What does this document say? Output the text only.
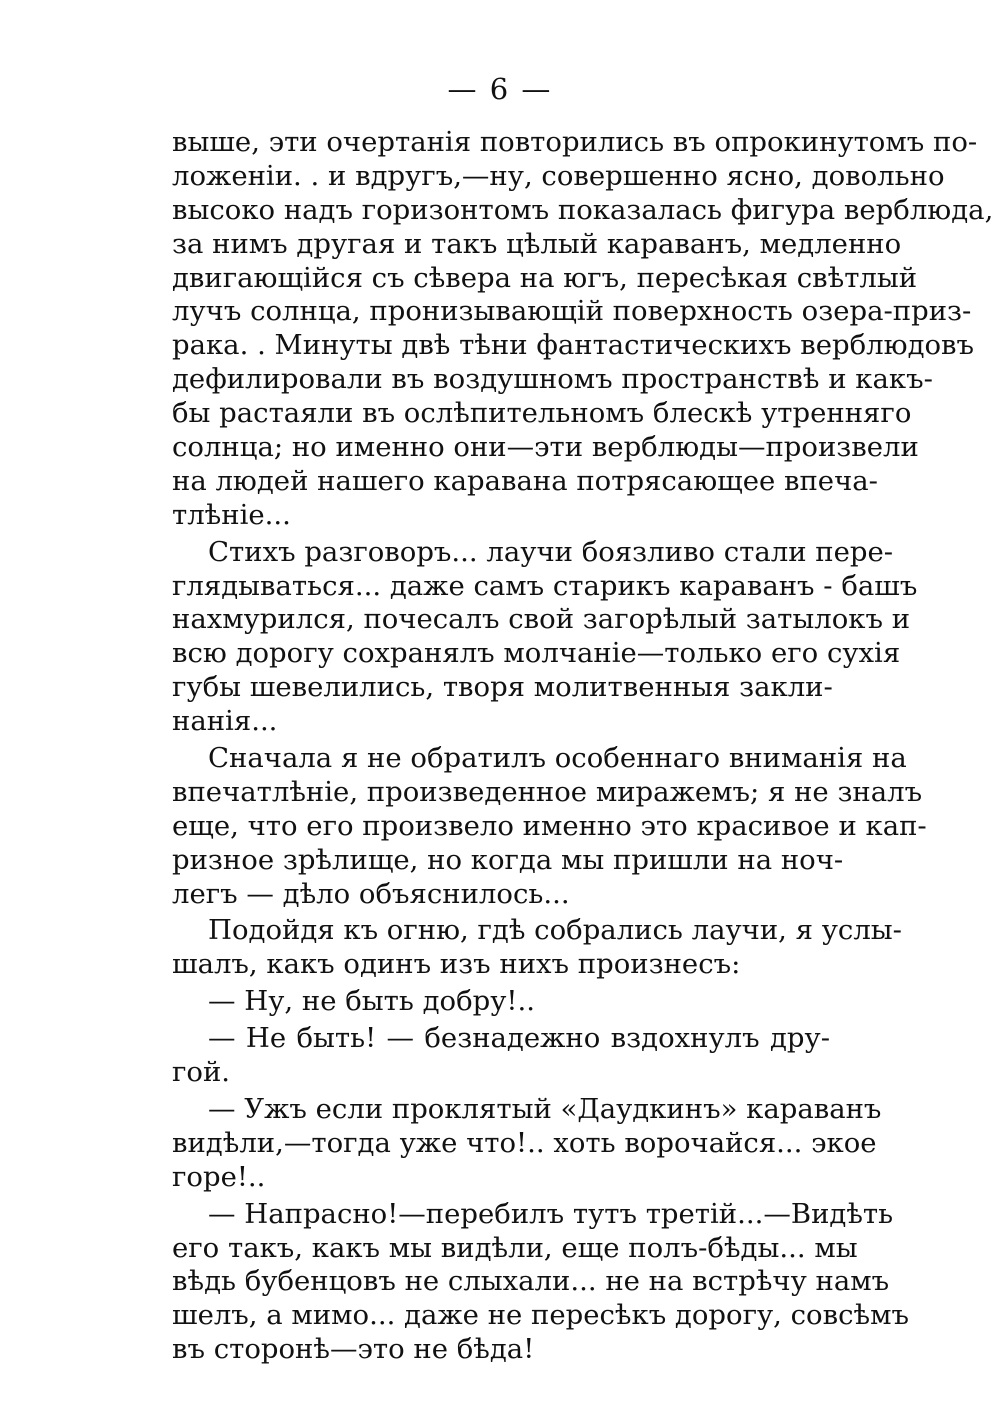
— 6 —
выше, эти очертанія повторились въ опрокинутомъ по-
ложеніи. . и вдругъ,—ну, совершенно ясно, довольно
высоко надъ горизонтомъ показалась фигура верблюда,
за нимъ другая и такъ цѣлый караванъ, медленно
двигающійся съ сѣвера на югъ, пересѣкая свѣтлый
лучъ солнца, пронизывающій поверхность озера-приз-
рака. . Минуты двѣ тѣни фантастическихъ верблюдовъ
дефилировали въ воздушномъ пространствѣ и какъ-
бы растаяли въ ослѣпительномъ блескѣ утренняго
солнца; но именно они—эти верблюды—произвели
на людей нашего каравана потрясающее впеча-
тлѣніе...
Стихъ разговоръ... лаучи боязливо стали пере-
глядываться... даже самъ старикъ караванъ - башъ
нахмурился, почесалъ свой загорѣлый затылокъ и
всю дорогу сохранялъ молчаніе—только его сухія
губы шевелились, творя молитвенныя закли-
нанія...
Сначала я не обратилъ особеннаго вниманія на
впечатлѣніе, произведенное миражемъ; я не зналъ
еще, что его произвело именно это красивое и кап-
ризное зрѣлище, но когда мы пришли на ноч-
легъ — дѣло объяснилось...
Подойдя къ огню, гдѣ собрались лаучи, я услы-
шалъ, какъ одинъ изъ нихъ произнесъ:
— Ну, не быть добру!..
— Не быть! — безнадежно вздохнулъ дру-
гой.
— Ужъ если проклятый «Даудкинъ» караванъ
видѣли,—тогда уже что!.. хоть ворочайся... экое
горе!..
— Напрасно!—перебилъ тутъ третій...—Видѣть
его такъ, какъ мы видѣли, еще полъ-бѣды... мы
вѣдь бубенцовъ не слыхали... не на встрѣчу намъ
шелъ, а мимо... даже не пересѣкъ дорогу, совсѣмъ
въ сторонѣ—это не бѣда!
